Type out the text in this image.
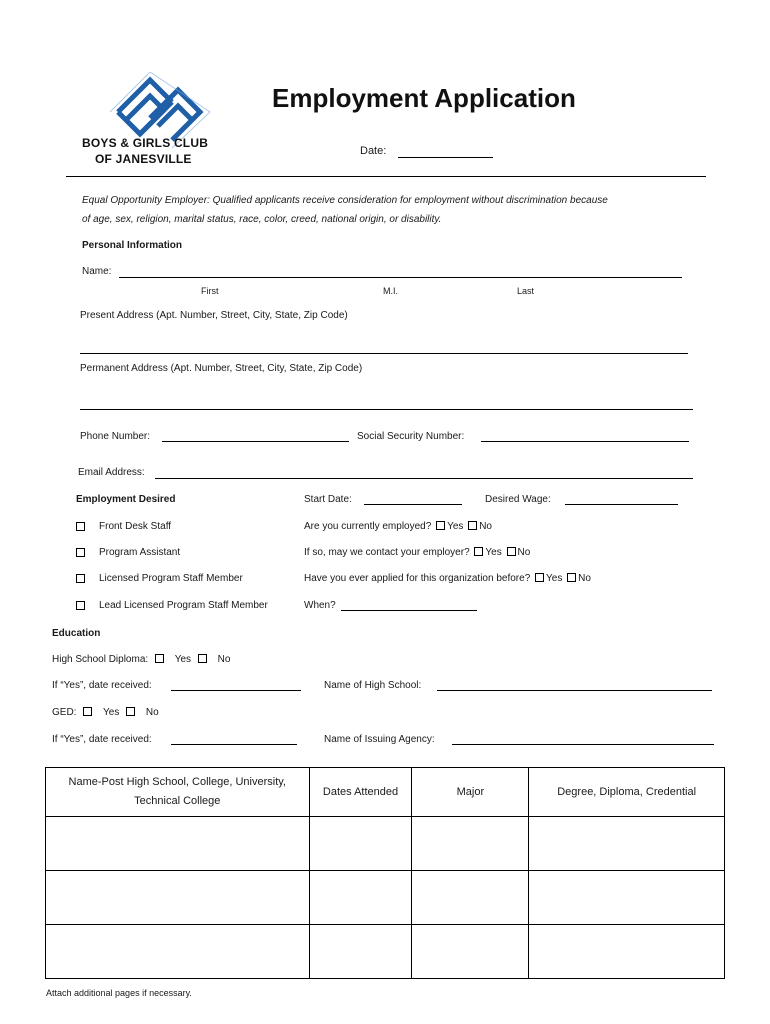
BOYS & GIRLS CLUB
OF JANESVILLE
Employment Application
Date:
Equal Opportunity Employer: Qualified applicants receive consideration for employment without discrimination because
of age, sex, religion, marital status, race, color, creed, national origin, or disability.
Personal Information
Name:
First	M.I.	Last
Present Address (Apt. Number, Street, City, State, Zip Code)
Permanent Address (Apt. Number, Street, City, State, Zip Code)
Phone Number:	Social Security Number:
Email Address:
Employment Desired
Front Desk Staff
Program Assistant
Licensed Program Staff Member
Lead Licensed Program Staff Member
Start Date:	Desired Wage:
Are you currently employed? Yes No
If so, may we contact your employer? Yes No
Have you ever applied for this organization before? Yes No
When?
Education
High School Diploma:	Yes	No
If “Yes”, date received:	Name of High School:
GED:	Yes	No
If “Yes”, date received:	Name of Issuing Agency:
Name-Post High School, College, University,
Technical College	Dates Attended	Major	Degree, Diploma, Credential

Attach additional pages if necessary.
